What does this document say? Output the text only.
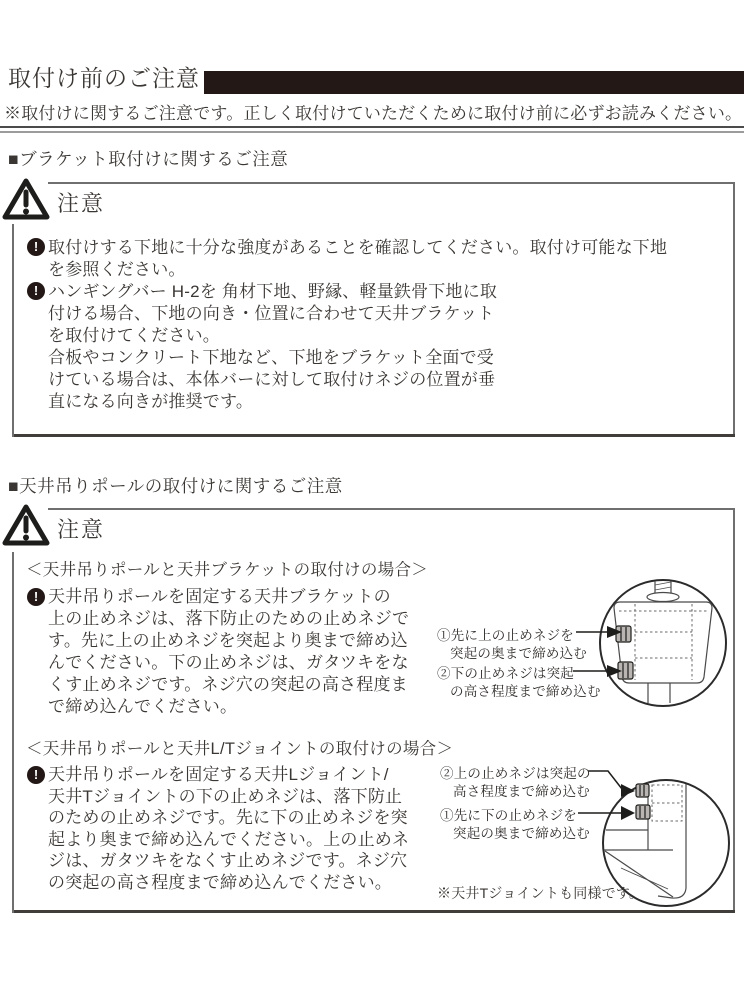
取付け前のご注意
※取付けに関するご注意です。正しく取付けていただくために取付け前に必ずお読みください。
■ブラケット取付けに関するご注意
注意
! 取付けする下地に十分な強度があることを確認してください。取付け可能な下地
を参照ください。
! ハンギングバー H-2を 角材下地、野縁、軽量鉄骨下地に取
付ける場合、下地の向き・位置に合わせて天井ブラケット
を取付けてください。
合板やコンクリート下地など、下地をブラケット全面で受
けている場合は、本体バーに対して取付けネジの位置が垂
直になる向きが推奨です。
■天井吊りポールの取付けに関するご注意
注意
＜天井吊りポールと天井ブラケットの取付けの場合＞
! 天井吊りポールを固定する天井ブラケットの
上の止めネジは、落下防止のための止めネジで
す。先に上の止めネジを突起より奥まで締め込
んでください。下の止めネジは、ガタツキをな
くす止めネジです。ネジ穴の突起の高さ程度ま
で締め込んでください。
①先に上の止めネジを
突起の奥まで締め込む
②下の止めネジは突起
の高さ程度まで締め込む
＜天井吊りポールと天井L/Tジョイントの取付けの場合＞
! 天井吊りポールを固定する天井Lジョイント/
天井Tジョイントの下の止めネジは、落下防止
のための止めネジです。先に下の止めネジを突
起より奥まで締め込んでください。上の止めネ
ジは、ガタツキをなくす止めネジです。ネジ穴
の突起の高さ程度まで締め込んでください。
②上の止めネジは突起の
高さ程度まで締め込む
①先に下の止めネジを
突起の奥まで締め込む
※天井Tジョイントも同様です。
